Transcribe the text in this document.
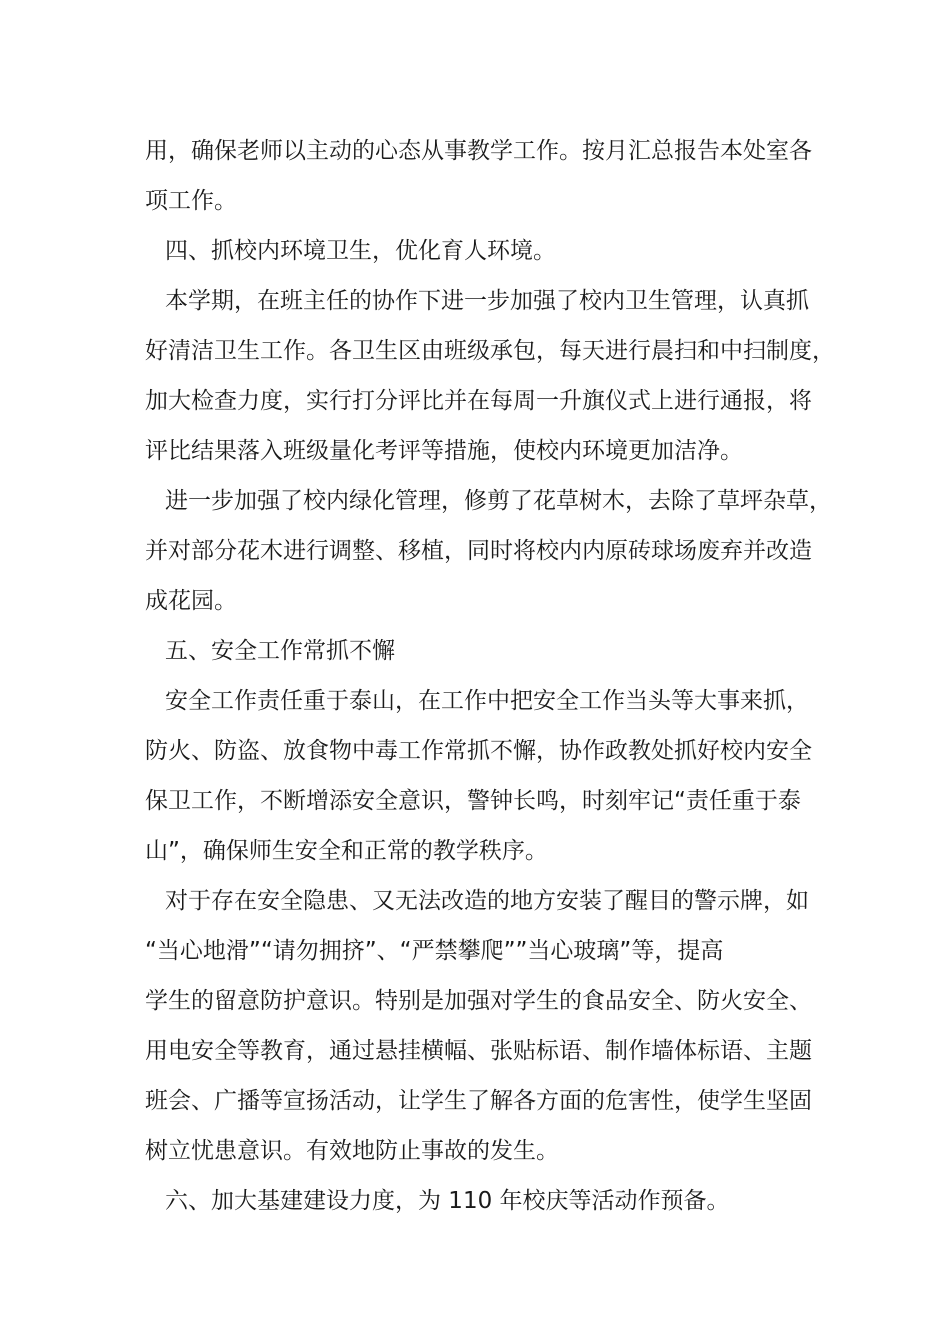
用，确保老师以主动的心态从事教学工作。按月汇总报告本处室各
项工作。
四、抓校内环境卫生，优化育人环境。
本学期，在班主任的协作下进一步加强了校内卫生管理，认真抓
好清洁卫生工作。各卫生区由班级承包，每天进行晨扫和中扫制度，
加大检查力度，实行打分评比并在每周一升旗仪式上进行通报，将
评比结果落入班级量化考评等措施，使校内环境更加洁净。
进一步加强了校内绿化管理，修剪了花草树木，去除了草坪杂草，
并对部分花木进行调整、移植，同时将校内内原砖球场废弃并改造
成花园。
五、安全工作常抓不懈
安全工作责任重于泰山，在工作中把安全工作当头等大事来抓，
防火、防盗、放食物中毒工作常抓不懈，协作政教处抓好校内安全
保卫工作，不断增添安全意识，警钟长鸣，时刻牢记“责任重于泰
山”，确保师生安全和正常的教学秩序。
对于存在安全隐患、又无法改造的地方安装了醒目的警示牌，如
“当心地滑”“请勿拥挤”、“严禁攀爬””当心玻璃”等，提高
学生的留意防护意识。特别是加强对学生的食品安全、防火安全、
用电安全等教育，通过悬挂横幅、张贴标语、制作墙体标语、主题
班会、广播等宣扬活动，让学生了解各方面的危害性，使学生坚固
树立忧患意识。有效地防止事故的发生。
六、加大基建建设力度，为 110 年校庆等活动作预备。
